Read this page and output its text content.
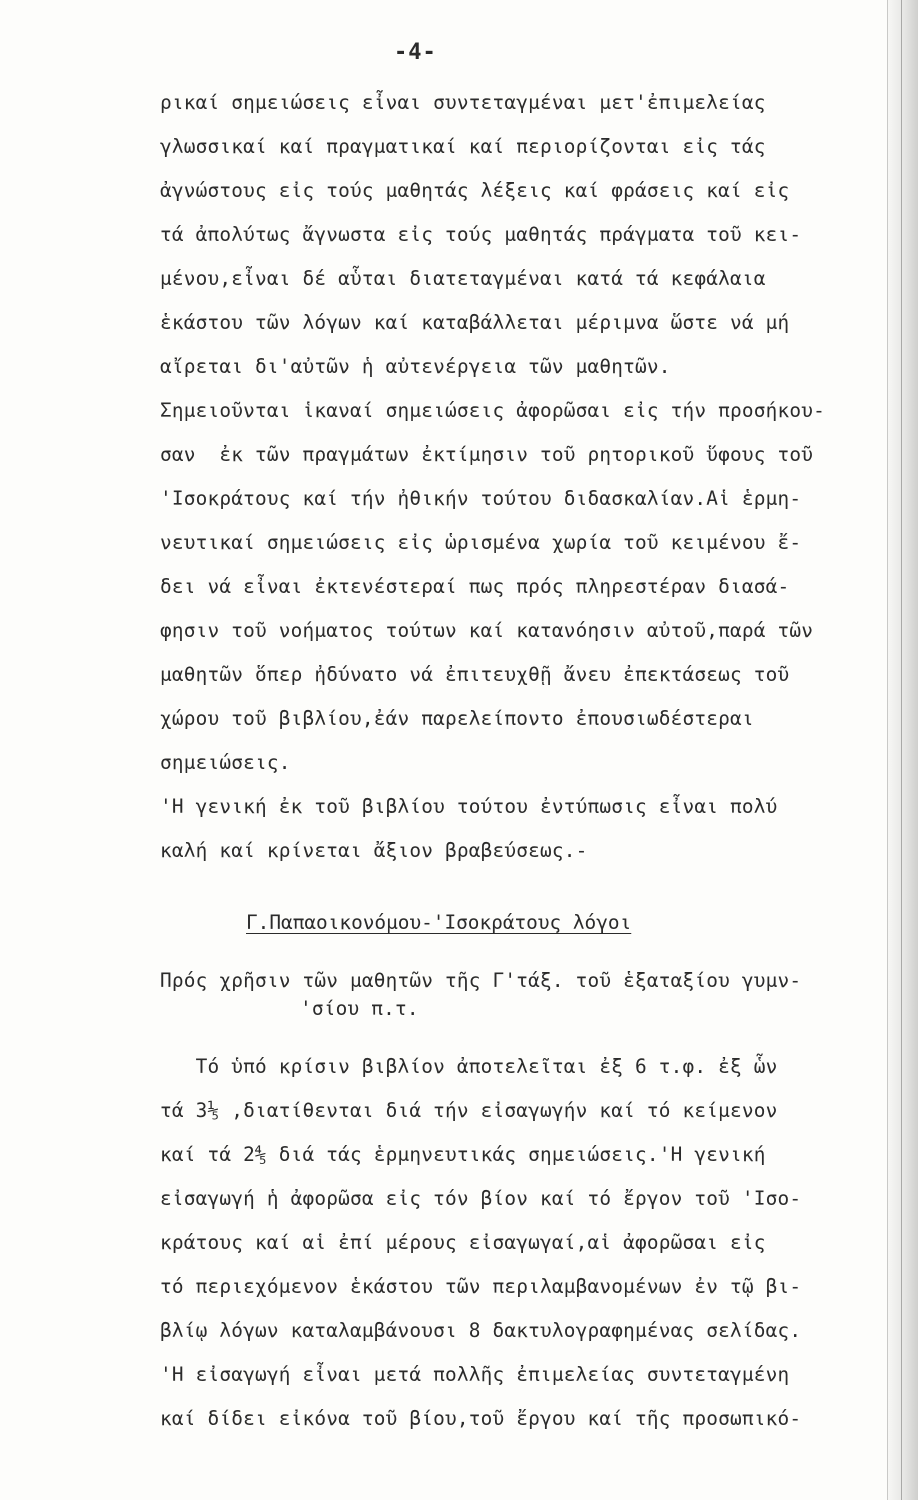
-4-
ρικαί σημειώσεις εἶναι συντεταγμέναι μετ'ἐπιμελείας
γλωσσικαί καί πραγματικαί καί περιορίζονται εἰς τάς
ἀγνώστους εἰς τούς μαθητάς λέξεις καί φράσεις καί εἰς
τά ἀπολύτως ἄγνωστα εἰς τούς μαθητάς πράγματα τοῦ κει-
μένου,εἶναι δέ αὗται διατεταγμέναι κατά τά κεφάλαια
ἑκάστου τῶν λόγων καί καταβάλλεται μέριμνα ὥστε νά μή
αἴρεται δι'αὐτῶν ἡ αὐτενέργεια τῶν μαθητῶν.
Σημειοῦνται ἱκαναί σημειώσεις ἀφορῶσαι εἰς τήν προσήκου-
σαν  ἐκ τῶν πραγμάτων ἐκτίμησιν τοῦ ρητορικοῦ ὕφους τοῦ
'Ισοκράτους καί τήν ἠθικήν τούτου διδασκαλίαν.Αἱ ἑρμη-
νευτικαί σημειώσεις εἰς ὡρισμένα χωρία τοῦ κειμένου ἔ-
δει νά εἶναι ἐκτενέστεραί πως πρός πληρεστέραν διασά-
φησιν τοῦ νοήματος τούτων καί κατανόησιν αὐτοῦ,παρά τῶν
μαθητῶν ὅπερ ἠδύνατο νά ἐπιτευχθῇ ἄνευ ἐπεκτάσεως τοῦ
χώρου τοῦ βιβλίου,ἐάν παρελείποντο ἐπουσιωδέστεραι
σημειώσεις.
'Η γενική ἐκ τοῦ βιβλίου τούτου ἐντύπωσις εἶναι πολύ
καλή καί κρίνεται ἄξιον βραβεύσεως.-
Γ.Παπαοικονόμου-'Ισοκράτους λόγοι
Πρός χρῆσιν τῶν μαθητῶν τῆς Γ'τάξ. τοῦ ἑξαταξίου γυμν-
'σίου π.τ.
Τό ὑπό κρίσιν βιβλίον ἀποτελεῖται ἐξ 6 τ.φ. ἐξ ὧν
τά 3⅕ ,διατίθενται διά τήν εἰσαγωγήν καί τό κείμενον
καί τά 2⅘ διά τάς ἑρμηνευτικάς σημειώσεις.'Η γενική
εἰσαγωγή ἡ ἀφορῶσα εἰς τόν βίον καί τό ἔργον τοῦ 'Ισο-
κράτους καί αἱ ἐπί μέρους εἰσαγωγαί,αἱ ἀφορῶσαι εἰς
τό περιεχόμενον ἑκάστου τῶν περιλαμβανομένων ἐν τῷ βι-
βλίῳ λόγων καταλαμβάνουσι 8 δακτυλογραφημένας σελίδας.
'Η εἰσαγωγή εἶναι μετά πολλῆς ἐπιμελείας συντεταγμένη
καί δίδει εἰκόνα τοῦ βίου,τοῦ ἔργου καί τῆς προσωπικό-
